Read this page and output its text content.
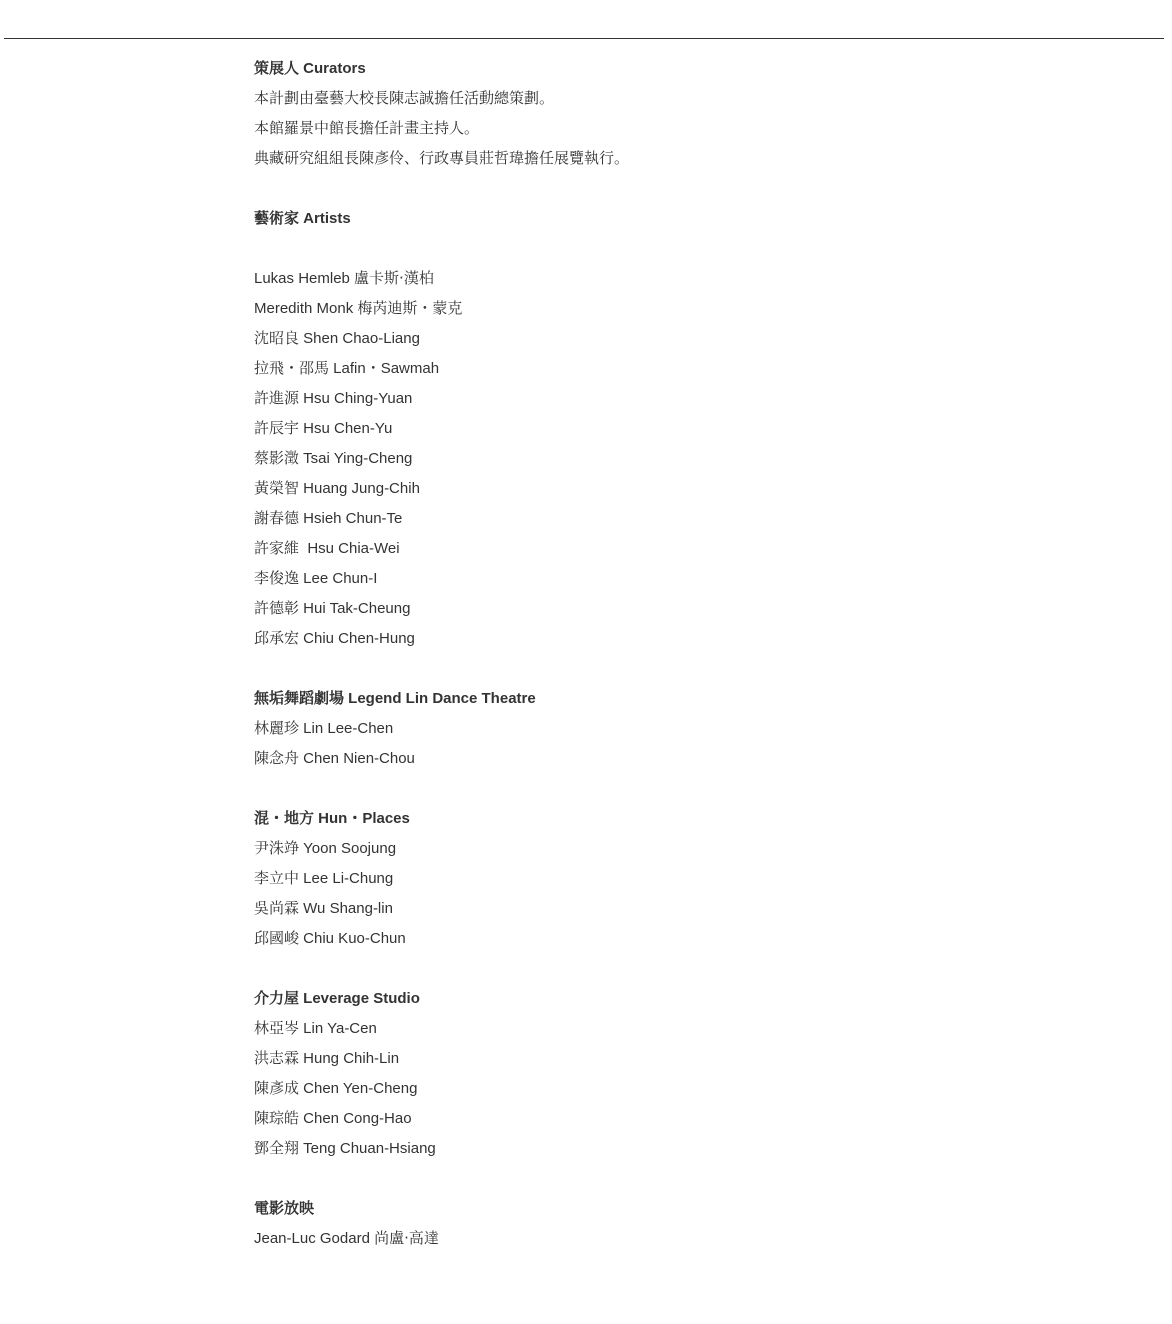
策展人 Curators
本計劃由臺藝大校長陳志誠擔任活動總策劃。
本館羅景中館長擔任計畫主持人。
典藏研究組組長陳彥伶、行政專員莊哲瑋擔任展覽執行。
藝術家 Artists
Lukas Hemleb 盧卡斯‧漢柏
Meredith Monk 梅芮迪斯・蒙克
沈昭良 Shen Chao-Liang
拉飛・邵馬 Lafin・Sawmah
許進源 Hsu Ching-Yuan
許辰宇 Hsu Chen-Yu
蔡影澂 Tsai Ying-Cheng
黃榮智 Huang Jung-Chih
謝春德 Hsieh Chun-Te
許家維  Hsu Chia-Wei
李俊逸 Lee Chun-I
許德彰 Hui Tak-Cheung
邱承宏 Chiu Chen-Hung
無垢舞蹈劇場 Legend Lin Dance Theatre
林麗珍 Lin Lee-Chen
陳念舟 Chen Nien-Chou
混・地方 Hun・Places
尹洙竫 Yoon Soojung
李立中 Lee Li-Chung
吳尚霖 Wu Shang-lin
邱國峻 Chiu Kuo-Chun
介力屋 Leverage Studio
林亞岑 Lin Ya-Cen
洪志霖 Hung Chih-Lin
陳彥成 Chen Yen-Cheng
陳琮皓 Chen Cong-Hao
鄧全翔 Teng Chuan-Hsiang
電影放映
Jean-Luc Godard 尚盧‧高達
